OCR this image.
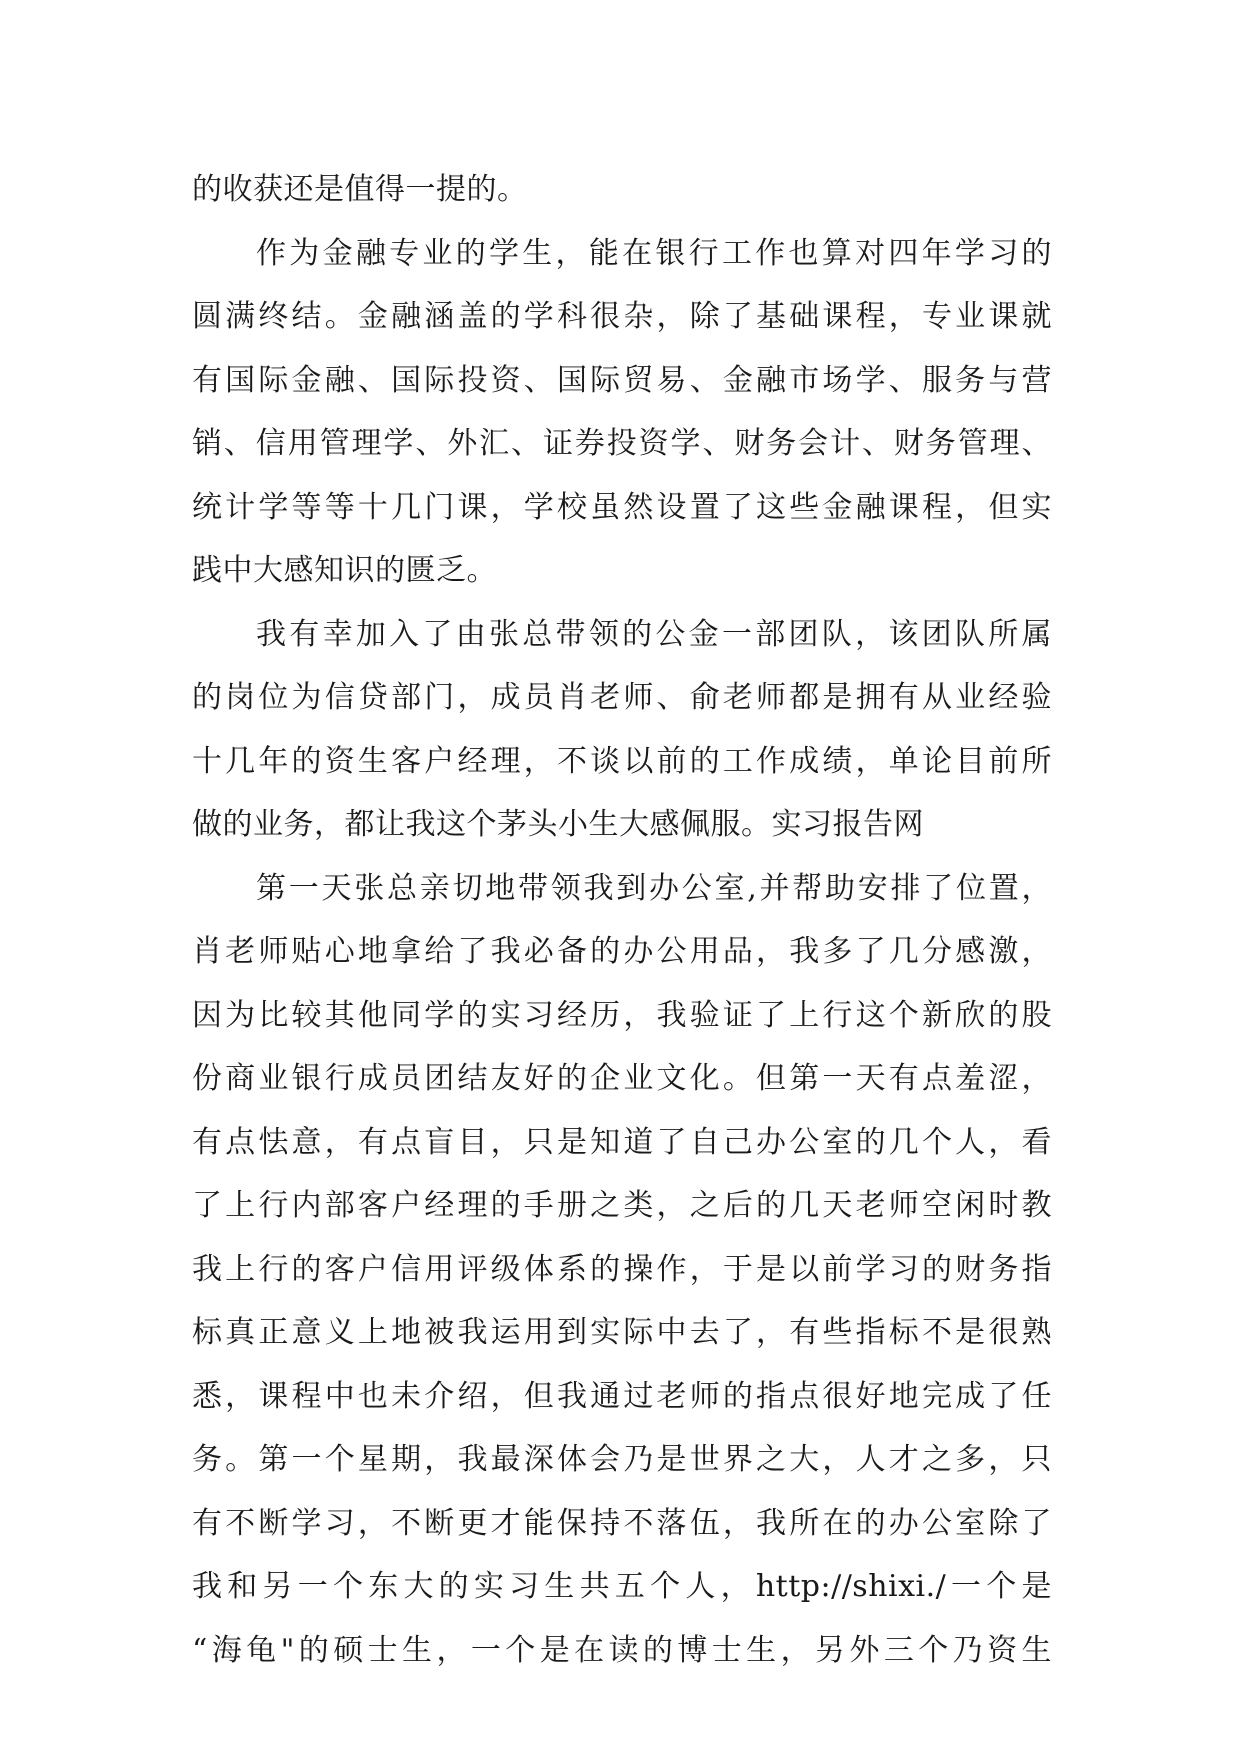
的收获还是值得一提的。
作为金融专业的学生，能在银行工作也算对四年学习的
圆满终结。金融涵盖的学科很杂，除了基础课程，专业课就
有国际金融、国际投资、国际贸易、金融市场学、服务与营
销、信用管理学、外汇、证券投资学、财务会计、财务管理、
统计学等等十几门课，学校虽然设置了这些金融课程，但实
践中大感知识的匮乏。
我有幸加入了由张总带领的公金一部团队，该团队所属
的岗位为信贷部门，成员肖老师、俞老师都是拥有从业经验
十几年的资生客户经理，不谈以前的工作成绩，单论目前所
做的业务，都让我这个茅头小生大感佩服。实习报告网
第一天张总亲切地带领我到办公室,并帮助安排了位置，
肖老师贴心地拿给了我必备的办公用品，我多了几分感激，
因为比较其他同学的实习经历，我验证了上行这个新欣的股
份商业银行成员团结友好的企业文化。但第一天有点羞涩，
有点怯意，有点盲目，只是知道了自己办公室的几个人，看
了上行内部客户经理的手册之类，之后的几天老师空闲时教
我上行的客户信用评级体系的操作，于是以前学习的财务指
标真正意义上地被我运用到实际中去了，有些指标不是很熟
悉，课程中也未介绍，但我通过老师的指点很好地完成了任
务。第一个星期，我最深体会乃是世界之大，人才之多，只
有不断学习，不断更才能保持不落伍，我所在的办公室除了
我和另一个东大的实习生共五个人，http://shixi./一个是
“海龟"的硕士生，一个是在读的博士生，另外三个乃资生
